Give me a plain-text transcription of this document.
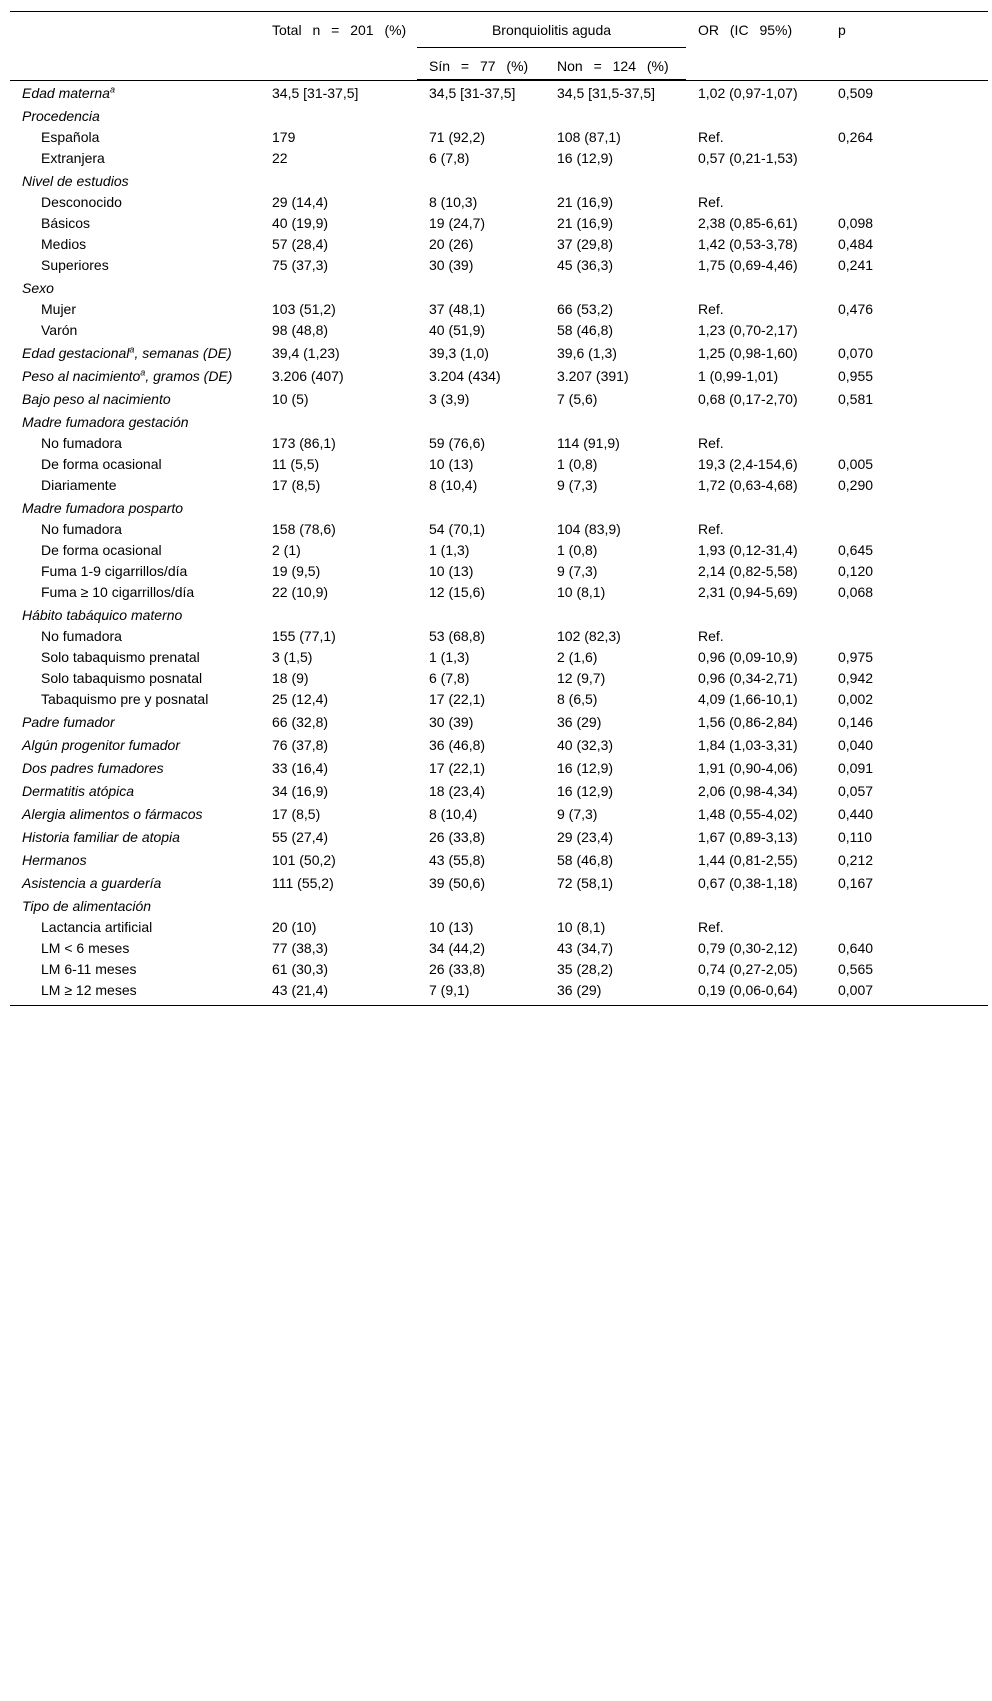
	Total n = 201 (%)	Bronquiolitis aguda		OR (IC 95%)	p
		Sín = 77 (%)	Non = 124 (%)		

Edad materna$^a$	34,5 [31-37,5]	34,5 [31-37,5]	34,5 [31,5-37,5]	1,02 (0,97-1,07)	0,509
Procedencia					
Española	179	71 (92,2)	108 (87,1)	Ref.	0,264
Extranjera	22	6 (7,8)	16 (12,9)	0,57 (0,21-1,53)	
Nivel de estudios					
Desconocido	29 (14,4)	8 (10,3)	21 (16,9)	Ref.	
Básicos	40 (19,9)	19 (24,7)	21 (16,9)	2,38 (0,85-6,61)	0,098
Medios	57 (28,4)	20 (26)	37 (29,8)	1,42 (0,53-3,78)	0,484
Superiores	75 (37,3)	30 (39)	45 (36,3)	1,75 (0,69-4,46)	0,241
Sexo					
Mujer	103 (51,2)	37 (48,1)	66 (53,2)	Ref.	0,476
Varón	98 (48,8)	40 (51,9)	58 (46,8)	1,23 (0,70-2,17)	
Edad gestacional$^a$, semanas (DE)	39,4 (1,23)	39,3 (1,0)	39,6 (1,3)	1,25 (0,98-1,60)	0,070
Peso al nacimiento$^a$, gramos (DE)	3.206 (407)	3.204 (434)	3.207 (391)	1 (0,99-1,01)	0,955
Bajo peso al nacimiento	10 (5)	3 (3,9)	7 (5,6)	0,68 (0,17-2,70)	0,581
Madre fumadora gestación					
No fumadora	173 (86,1)	59 (76,6)	114 (91,9)	Ref.	
De forma ocasional	11 (5,5)	10 (13)	1 (0,8)	19,3 (2,4-154,6)	0,005
Diariamente	17 (8,5)	8 (10,4)	9 (7,3)	1,72 (0,63-4,68)	0,290
Madre fumadora posparto					
No fumadora	158 (78,6)	54 (70,1)	104 (83,9)	Ref.	
De forma ocasional	2 (1)	1 (1,3)	1 (0,8)	1,93 (0,12-31,4)	0,645
Fuma 1-9 cigarrillos/día	19 (9,5)	10 (13)	9 (7,3)	2,14 (0,82-5,58)	0,120
Fuma ≥ 10 cigarrillos/día	22 (10,9)	12 (15,6)	10 (8,1)	2,31 (0,94-5,69)	0,068
Hábito tabáquico materno					
No fumadora	155 (77,1)	53 (68,8)	102 (82,3)	Ref.	
Solo tabaquismo prenatal	3 (1,5)	1 (1,3)	2 (1,6)	0,96 (0,09-10,9)	0,975
Solo tabaquismo posnatal	18 (9)	6 (7,8)	12 (9,7)	0,96 (0,34-2,71)	0,942
Tabaquismo pre y posnatal	25 (12,4)	17 (22,1)	8 (6,5)	4,09 (1,66-10,1)	0,002
Padre fumador	66 (32,8)	30 (39)	36 (29)	1,56 (0,86-2,84)	0,146
Algún progenitor fumador	76 (37,8)	36 (46,8)	40 (32,3)	1,84 (1,03-3,31)	0,040
Dos padres fumadores	33 (16,4)	17 (22,1)	16 (12,9)	1,91 (0,90-4,06)	0,091
Dermatitis atópica	34 (16,9)	18 (23,4)	16 (12,9)	2,06 (0,98-4,34)	0,057
Alergia alimentos o fármacos	17 (8,5)	8 (10,4)	9 (7,3)	1,48 (0,55-4,02)	0,440
Historia familiar de atopia	55 (27,4)	26 (33,8)	29 (23,4)	1,67 (0,89-3,13)	0,110
Hermanos	101 (50,2)	43 (55,8)	58 (46,8)	1,44 (0,81-2,55)	0,212
Asistencia a guardería	111 (55,2)	39 (50,6)	72 (58,1)	0,67 (0,38-1,18)	0,167
Tipo de alimentación					
Lactancia artificial	20 (10)	10 (13)	10 (8,1)	Ref.	
LM < 6 meses	77 (38,3)	34 (44,2)	43 (34,7)	0,79 (0,30-2,12)	0,640
LM 6-11 meses	61 (30,3)	26 (33,8)	35 (28,2)	0,74 (0,27-2,05)	0,565
LM ≥ 12 meses	43 (21,4)	7 (9,1)	36 (29)	0,19 (0,06-0,64)	0,007
